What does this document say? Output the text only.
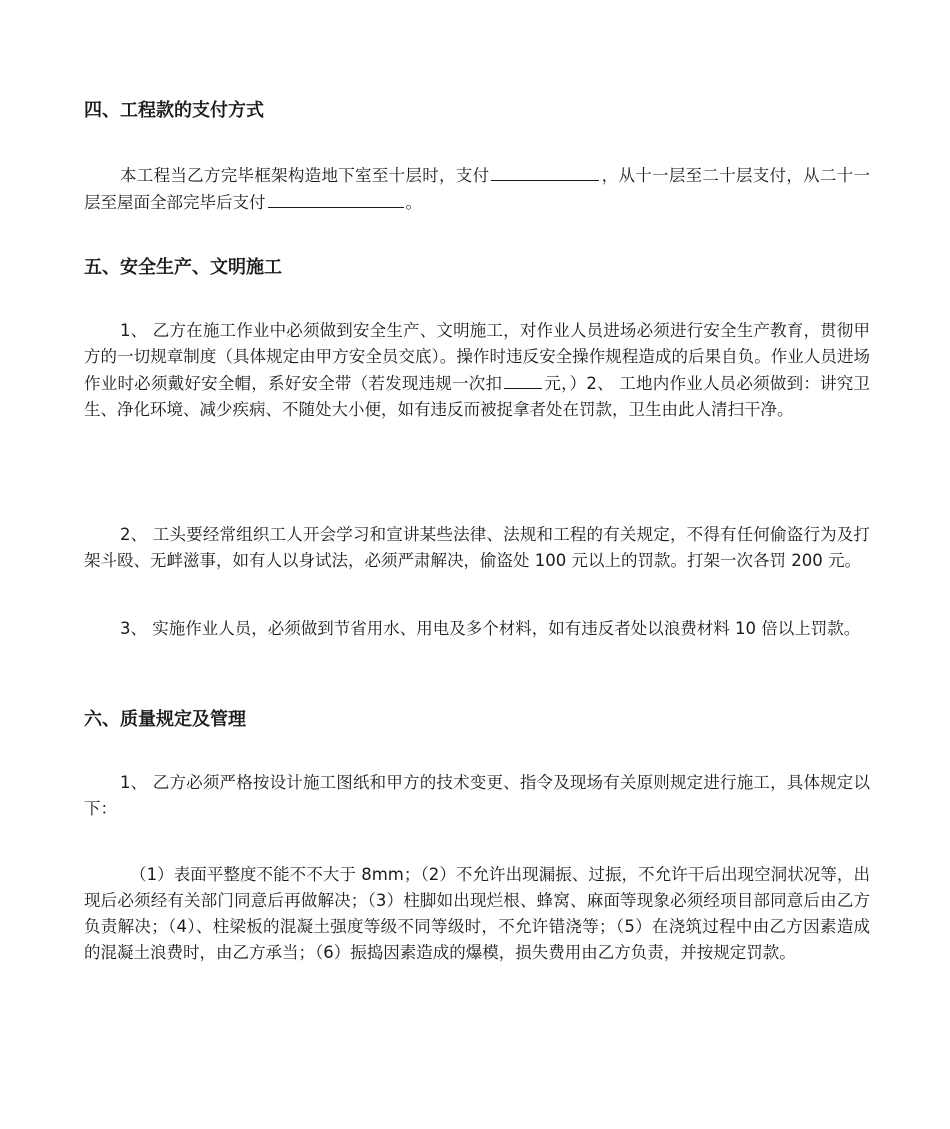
四、工程款的支付方式

本工程当乙方完毕框架构造地下室至十层时，支付	，从十一层至二十层支付，从二十一层至屋面全部完毕后支付	。

五、安全生产、文明施工

1、 乙方在施工作业中必须做到安全生产、文明施工，对作业人员进场必须进行安全生产教育，贯彻甲方的一切规章制度（具体规定由甲方安全员交底）。操作时违反安全操作规程造成的后果自负。作业人员进场作业时必须戴好安全帽，系好安全带（若发现违规一次扣	元，）2、 工地内作业人员必须做到：讲究卫生、净化环境、减少疾病、不随处大小便，如有违反而被捉拿者处在罚款，卫生由此人清扫干净。

2、 工头要经常组织工人开会学习和宣讲某些法律、法规和工程的有关规定，不得有任何偷盗行为及打架斗殴、无衅滋事，如有人以身试法，必须严肃解决，偷盗处 100 元以上的罚款。打架一次各罚 200 元。

3、 实施作业人员，必须做到节省用水、用电及多个材料，如有违反者处以浪费材料 10 倍以上罚款。

六、质量规定及管理

1、 乙方必须严格按设计施工图纸和甲方的技术变更、指令及现场有关原则规定进行施工，具体规定以下：

（1）表面平整度不能不不大于 8mm；（2）不允许出现漏振、过振，不允许干后出现空洞状况等，出现后必须经有关部门同意后再做解决；（3）柱脚如出现烂根、蜂窝、麻面等现象必须经项目部同意后由乙方负责解决；（4）、柱梁板的混凝土强度等级不同等级时，不允许错浇等；（5）在浇筑过程中由乙方因素造成的混凝土浪费时，由乙方承当；（6）振捣因素造成的爆模，损失费用由乙方负责，并按规定罚款。
